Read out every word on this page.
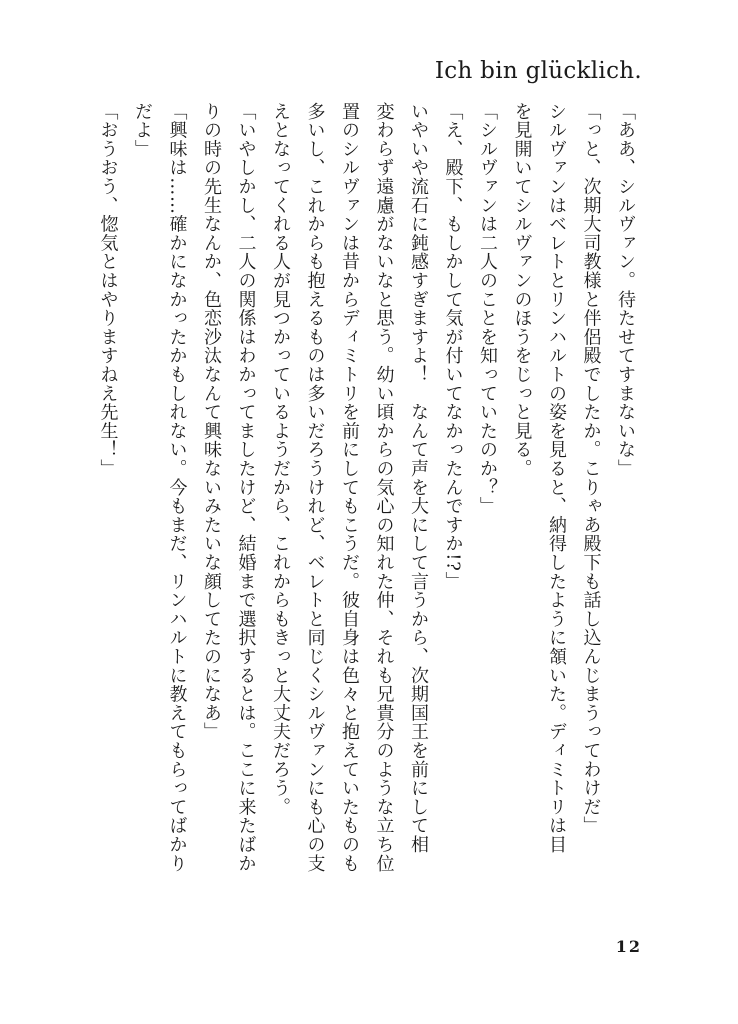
Ich bin glücklich.

「ああ、シルヴァン。待たせてすまないな」

「っと、次期大司教様と伴侶殿でしたか。こりゃあ殿下も話し込んじまうってわけだ」

シルヴァンはベレトとリンハルトの姿を見ると、納得したように頷いた。ディミトリは目

を見開いてシルヴァンのほうをじっと見る。

「シルヴァンは二人のことを知っていたのか？」

「え、殿下、もしかして気が付いてなかったんですか!?」

いやいや流石に鈍感すぎますよ！　なんて声を大にして言うから、次期国王を前にして相

変わらず遠慮がないなと思う。幼い頃からの気心の知れた仲、それも兄貴分のような立ち位

置のシルヴァンは昔からディミトリを前にしてもこうだ。彼自身は色々と抱えていたものも

多いし、これからも抱えるものは多いだろうけれど、ベレトと同じくシルヴァンにも心の支

えとなってくれる人が見つかっているようだから、これからもきっと大丈夫だろう。

「いやしかし、二人の関係はわかってましたけど、結婚まで選択するとは。ここに来たばか

りの時の先生なんか、色恋沙汰なんて興味ないみたいな顔してたのになあ」

「興味は……確かになかったかもしれない。今もまだ、リンハルトに教えてもらってばかり

だよ」

「おうおう、惚気とはやりますねえ先生！」

12
